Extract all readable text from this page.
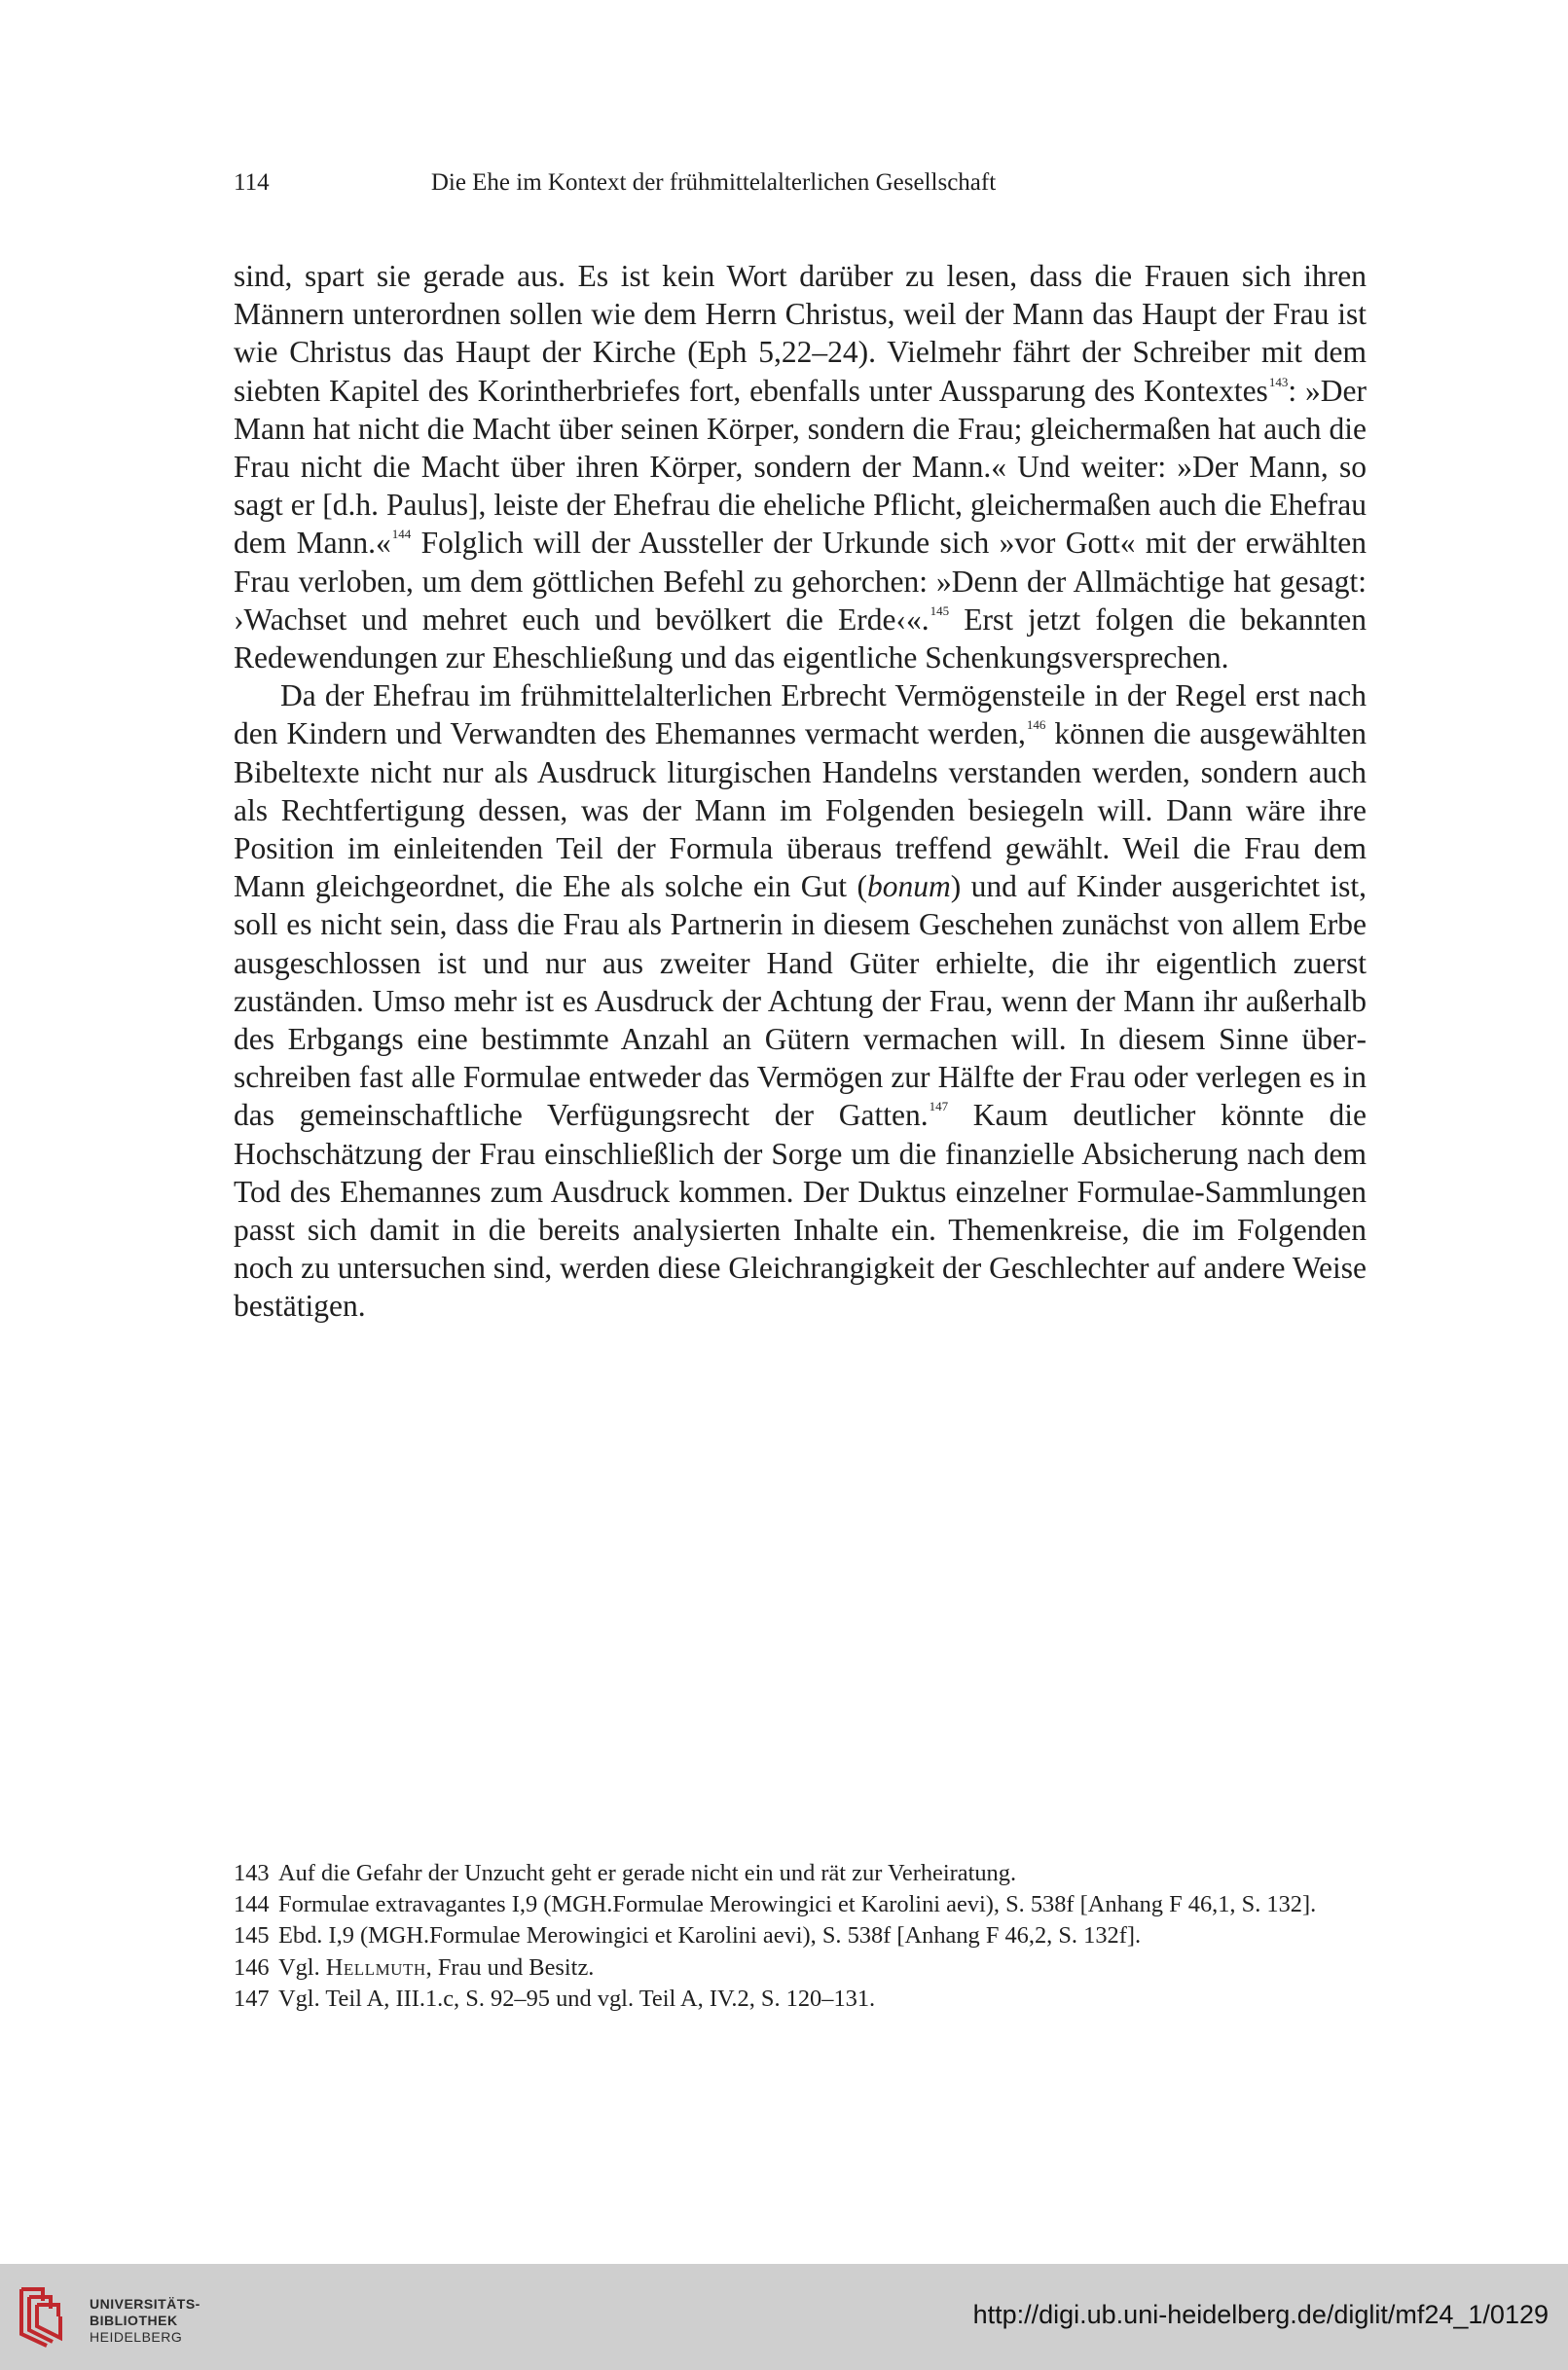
114	Die Ehe im Kontext der frühmittelalterlichen Gesellschaft

sind, spart sie gerade aus. Es ist kein Wort darüber zu lesen, dass die Frauen sich ihren Männern unterordnen sollen wie dem Herrn Christus, weil der Mann das Haupt der Frau ist wie Christus das Haupt der Kirche (Eph 5,22–24). Vielmehr fährt der Schreiber mit dem siebten Kapitel des Korintherbriefes fort, ebenfalls unter Aussparung des Kontextes$^{143}$: »Der Mann hat nicht die Macht über seinen Körper, sondern die Frau; gleichermaßen hat auch die Frau nicht die Macht über ihren Körper, sondern der Mann.« Und weiter: »Der Mann, so sagt er [d.h. Paulus], leiste der Ehefrau die eheliche Pflicht, gleichermaßen auch die Ehefrau dem Mann.«$^{144}$ Folglich will der Aussteller der Urkunde sich »vor Gott« mit der erwählten Frau verloben, um dem göttlichen Befehl zu gehorchen: »Denn der Allmächtige hat gesagt: ›Wachset und mehret euch und bevölkert die Erde‹«.$^{145}$ Erst jetzt folgen die bekannten Redewendungen zur Eheschließung und das eigentliche Schenkungsversprechen.

Da der Ehefrau im frühmittelalterlichen Erbrecht Vermögensteile in der Regel erst nach den Kindern und Verwandten des Ehemannes vermacht werden,$^{146}$ können die ausgewählten Bibeltexte nicht nur als Ausdruck liturgischen Handelns verstanden werden, sondern auch als Rechtfertigung dessen, was der Mann im Folgenden besiegeln will. Dann wäre ihre Position im einleitenden Teil der Formula überaus treffend gewählt. Weil die Frau dem Mann gleichgeordnet, die Ehe als solche ein Gut (bonum) und auf Kinder ausgerichtet ist, soll es nicht sein, dass die Frau als Partnerin in diesem Geschehen zunächst von allem Erbe ausgeschlossen ist und nur aus zweiter Hand Güter erhielte, die ihr eigentlich zuerst zuständen. Umso mehr ist es Ausdruck der Achtung der Frau, wenn der Mann ihr außerhalb des Erbgangs eine bestimmte Anzahl an Gütern vermachen will. In diesem Sinne überschreiben fast alle Formulae entweder das Vermögen zur Hälfte der Frau oder verlegen es in das gemeinschaftliche Verfügungsrecht der Gatten.$^{147}$ Kaum deutlicher könnte die Hochschätzung der Frau einschließlich der Sorge um die finanzielle Absicherung nach dem Tod des Ehemannes zum Ausdruck kommen. Der Duktus einzelner Formulae-Sammlungen passt sich damit in die bereits analysierten Inhalte ein. Themenkreise, die im Folgenden noch zu untersuchen sind, werden diese Gleichrangigkeit der Geschlechter auf andere Weise bestätigen.

143 Auf die Gefahr der Unzucht geht er gerade nicht ein und rät zur Verheiratung.

144 Formulae extravagantes I,9 (MGH.Formulae Merowingici et Karolini aevi), S. 538f [Anhang F 46,1, S. 132].

145 Ebd. I,9 (MGH.Formulae Merowingici et Karolini aevi), S. 538f [Anhang F 46,2, S. 132f].

146 Vgl. Hellmuth, Frau und Besitz.

147 Vgl. Teil A, III.1.c, S. 92–95 und vgl. Teil A, IV.2, S. 120–131.

UNIVERSITÄTS-
BIBLIOTHEK
HEIDELBERG
http://digi.ub.uni-heidelberg.de/diglit/mf24_1/0129
